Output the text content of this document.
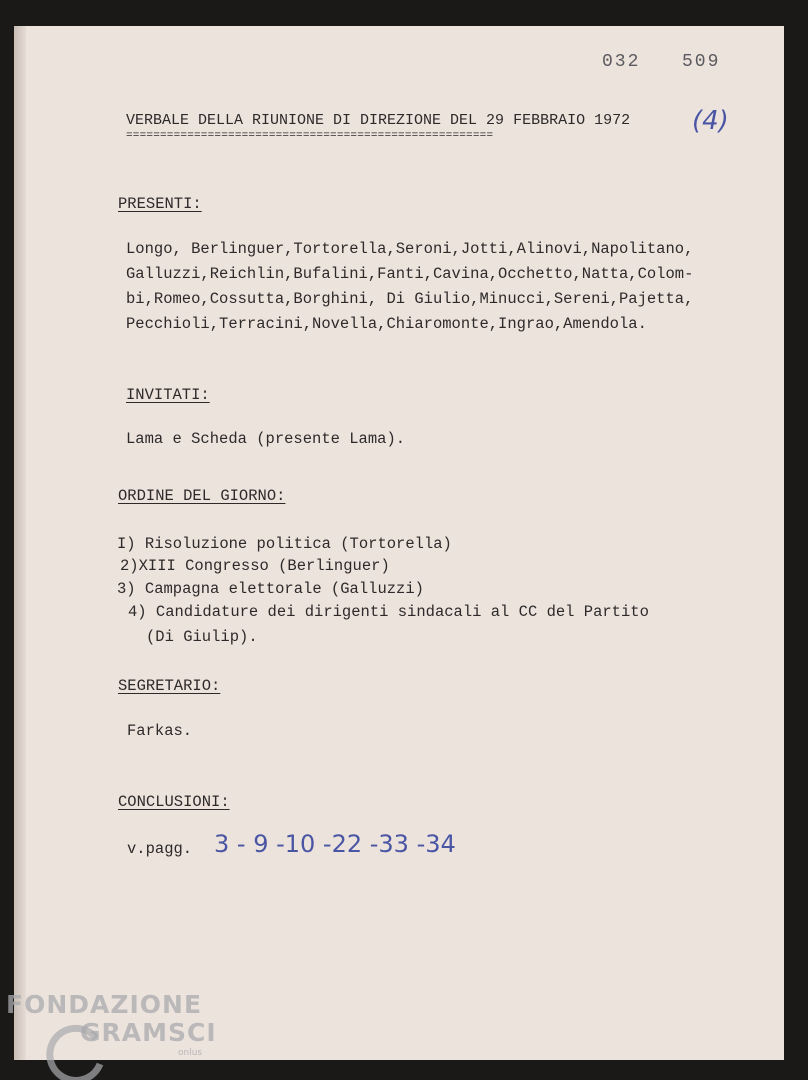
032 509
VERBALE DELLA RIUNIONE DI DIREZIONE DEL 29 FEBBRAIO 1972
======================================================	(4)
PRESENTI:
Longo, Berlinguer,Tortorella,Seroni,Jotti,Alinovi,Napolitano,
Galluzzi,Reichlin,Bufalini,Fanti,Cavina,Occhetto,Natta,Colom-
bi,Romeo,Cossutta,Borghini, Di Giulio,Minucci,Sereni,Pajetta,
Pecchioli,Terracini,Novella,Chiaromonte,Ingrao,Amendola.
INVITATI:
Lama e Scheda (presente Lama).
ORDINE DEL GIORNO:
I) Risoluzione politica (Tortorella)
2)XIII Congresso (Berlinguer)
3) Campagna elettorale (Galluzzi)
4) Candidature dei dirigenti sindacali al CC del Partito
(Di Giulip).
SEGRETARIO:
Farkas.
CONCLUSIONI:
v.pagg. 3 - 9 -10 -22 -33 -34
FONDAZIONE
GRAMSCI
onlus
